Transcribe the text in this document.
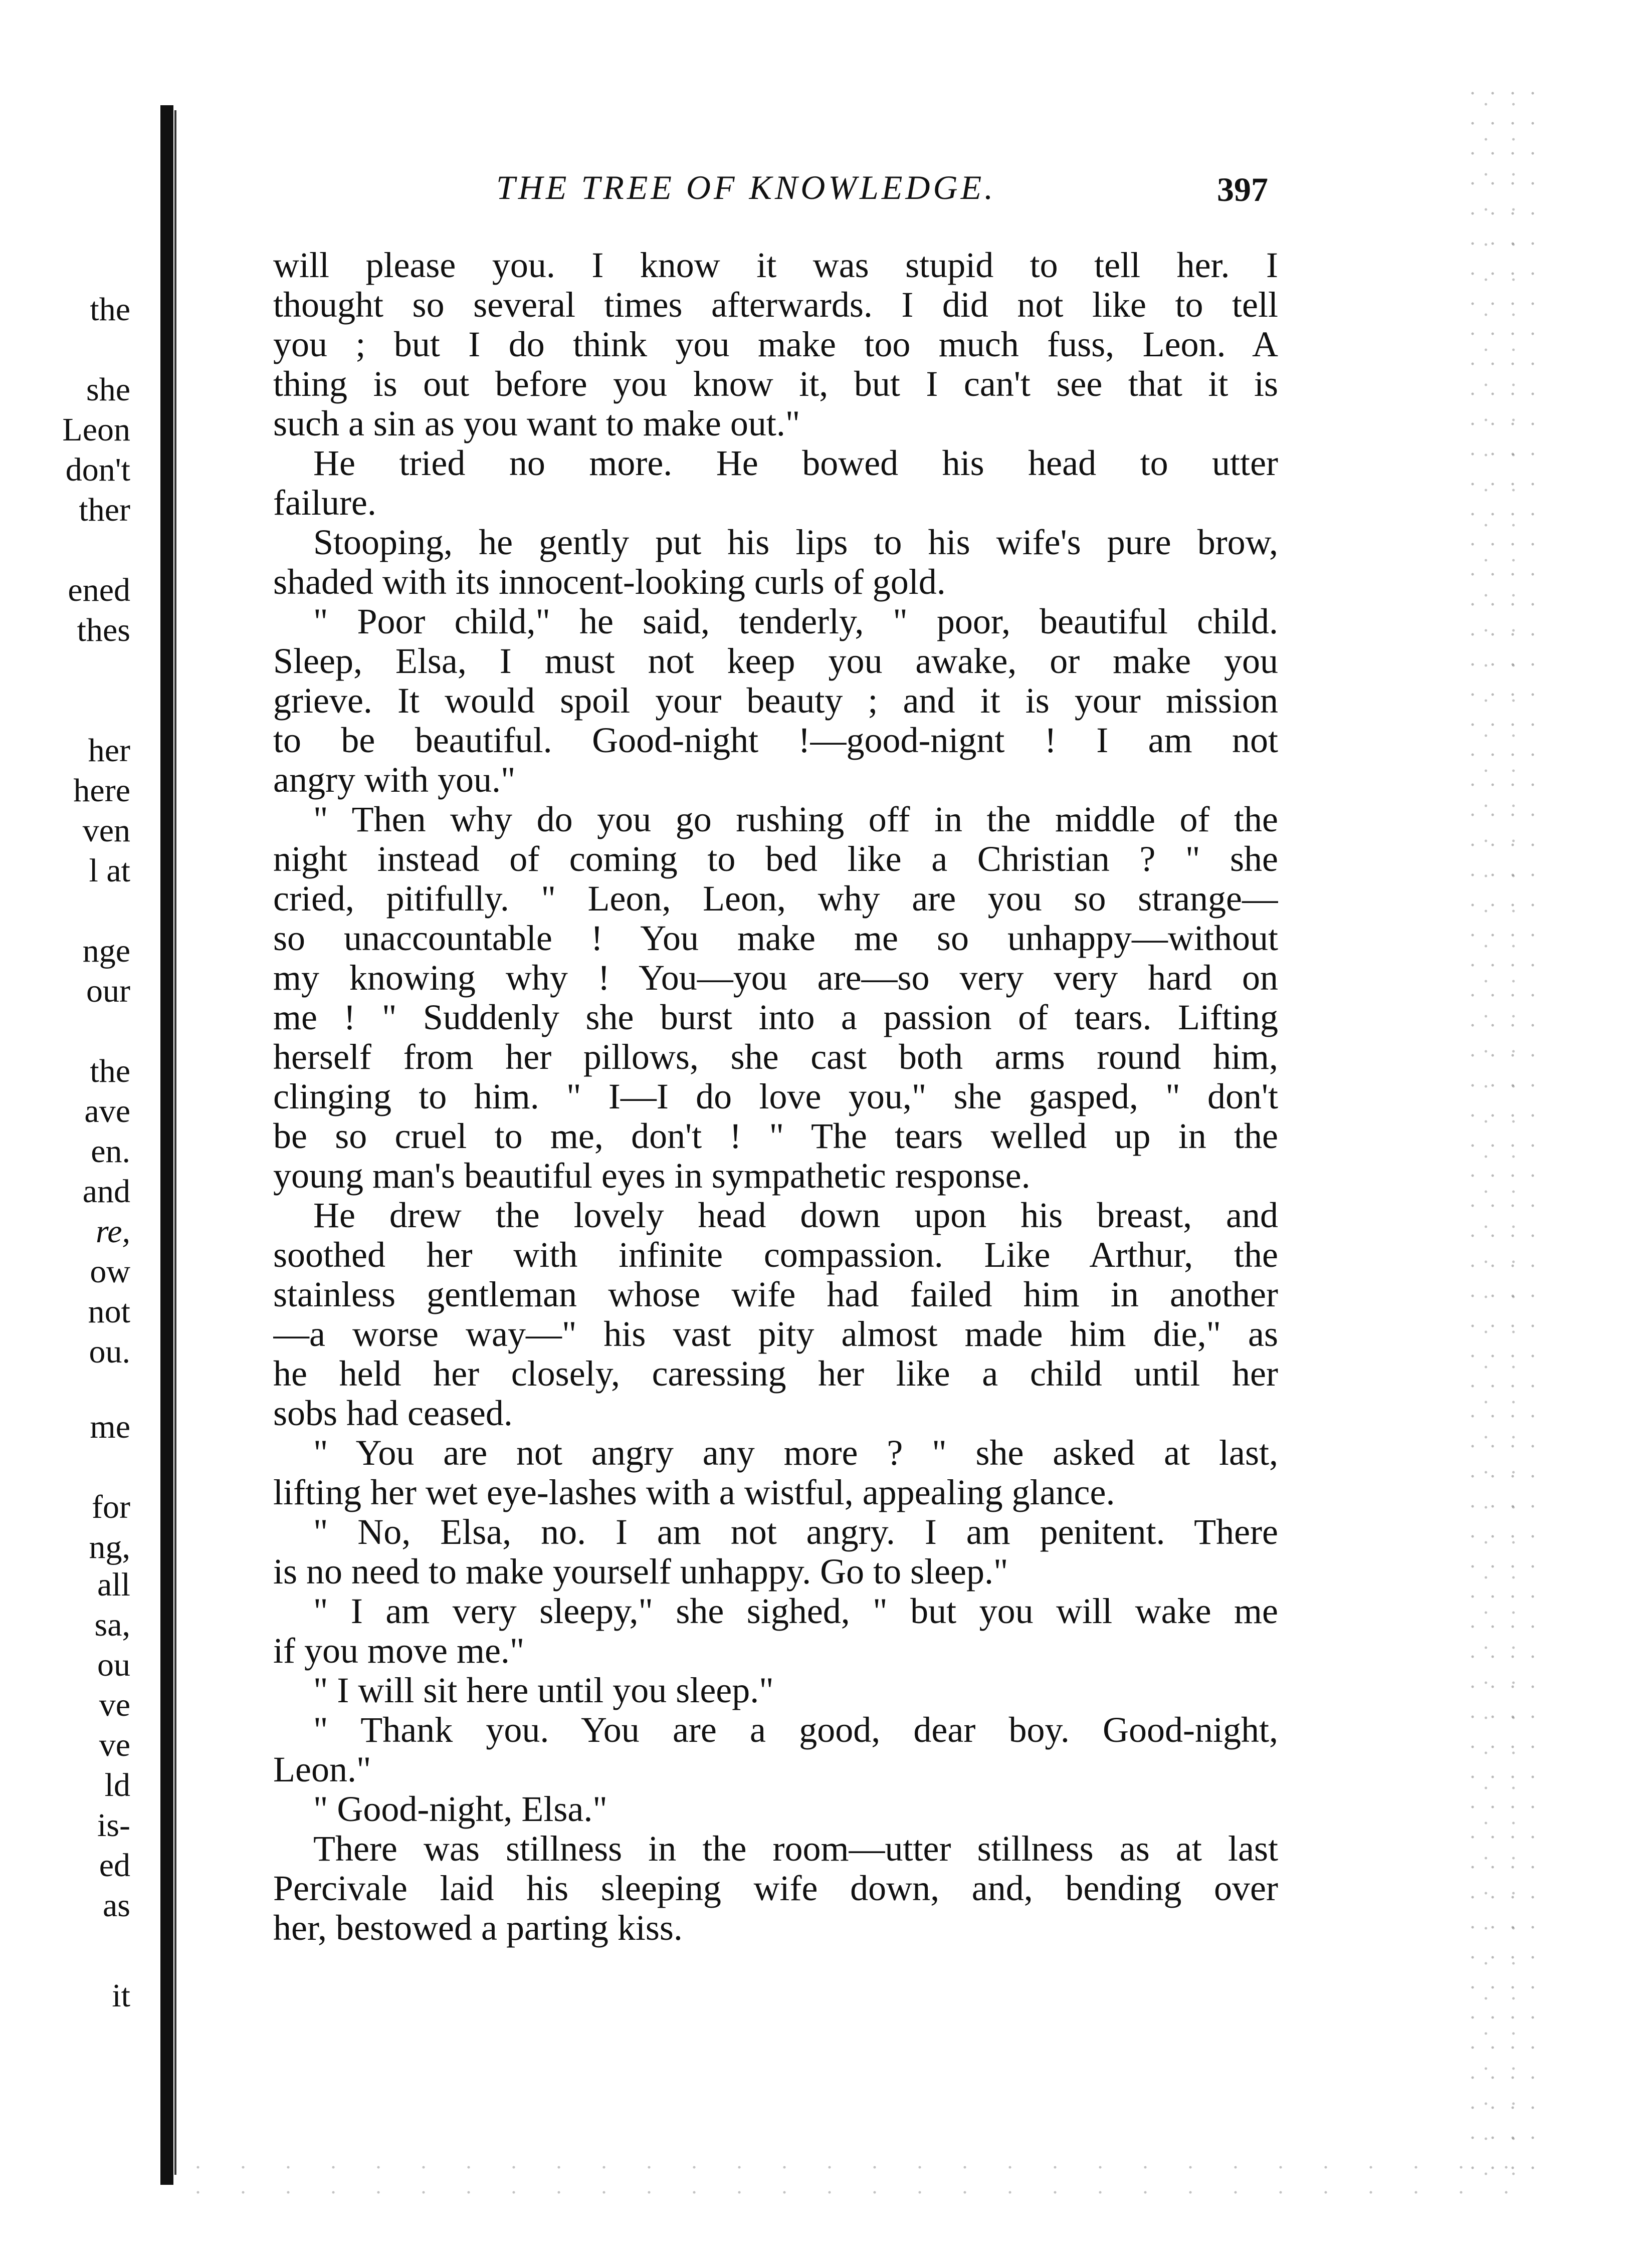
THE TREE OF KNOWLEDGE.	397
the
she
Leon
don't
ther
ened
thes
her
here
ven
l at
nge
our
the
ave
en.
and
re,
ow
not
ou.
me
for
ng,
all
sa,
ou
ve
ve
ld
is-
ed
as
it
will please you. I know it was stupid to tell her. I
thought so several times afterwards. I did not like to tell
you ; but I do think you make too much fuss, Leon. A
thing is out before you know it, but I can't see that it is
such a sin as you want to make out."
He tried no more. He bowed his head to utter
failure.
Stooping, he gently put his lips to his wife's pure brow,
shaded with its innocent-looking curls of gold.
" Poor child," he said, tenderly, " poor, beautiful child.
Sleep, Elsa, I must not keep you awake, or make you
grieve. It would spoil your beauty ; and it is your mission
to be beautiful. Good-night !—good-nignt ! I am not
angry with you."
" Then why do you go rushing off in the middle of the
night instead of coming to bed like a Christian ? " she
cried, pitifully. " Leon, Leon, why are you so strange—
so unaccountable ! You make me so unhappy—without
my knowing why ! You—you are—so very very hard on
me ! " Suddenly she burst into a passion of tears. Lifting
herself from her pillows, she cast both arms round him,
clinging to him. " I—I do love you," she gasped, " don't
be so cruel to me, don't ! " The tears welled up in the
young man's beautiful eyes in sympathetic response.
He drew the lovely head down upon his breast, and
soothed her with infinite compassion. Like Arthur, the
stainless gentleman whose wife had failed him in another
—a worse way—" his vast pity almost made him die," as
he held her closely, caressing her like a child until her
sobs had ceased.
" You are not angry any more ? " she asked at last,
lifting her wet eye-lashes with a wistful, appealing glance.
" No, Elsa, no. I am not angry. I am penitent. There
is no need to make yourself unhappy. Go to sleep."
" I am very sleepy," she sighed, " but you will wake me
if you move me."
" I will sit here until you sleep."
" Thank you. You are a good, dear boy. Good-night,
Leon."
" Good-night, Elsa."
There was stillness in the room—utter stillness as at last
Percivale laid his sleeping wife down, and, bending over
her, bestowed a parting kiss.
